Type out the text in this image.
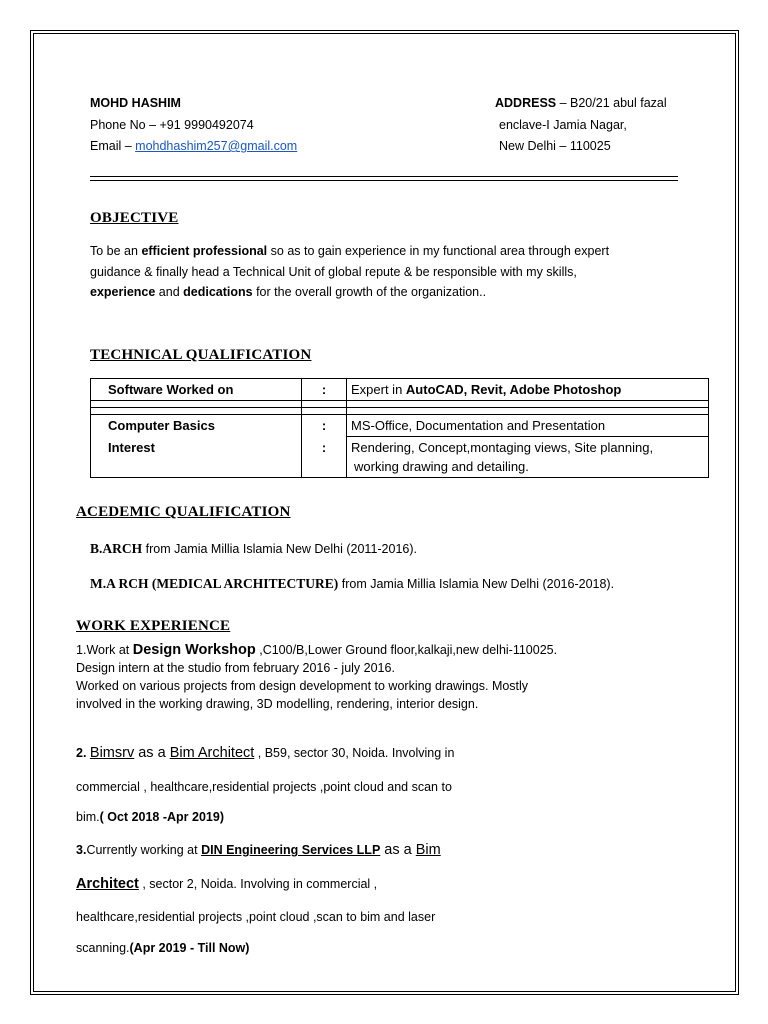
MOHD HASHIM
Phone No – +91 9990492074
Email – mohdhashim257@gmail.com
ADDRESS – B20/21 abul fazal
enclave-I Jamia Nagar,
New Delhi – 110025
OBJECTIVE
To be an efficient professional so as to gain experience in my functional area through expert
guidance & finally head a Technical Unit of global repute & be responsible with my skills,
experience and dedications for the overall growth of the organization..
TECHNICAL QUALIFICATION
Software Worked on	:	Expert in AutoCAD, Revit, Adobe Photoshop

Computer Basics	:	MS-Office, Documentation and Presentation
Interest	:	Rendering, Concept,montaging views, Site planning,
working drawing and detailing.
ACEDEMIC QUALIFICATION
B.ARCH from Jamia Millia Islamia New Delhi (2011-2016).
M.A RCH (MEDICAL ARCHITECTURE) from Jamia Millia Islamia New Delhi (2016-2018).
WORK EXPERIENCE
1.Work at Design Workshop ,C100/B,Lower Ground floor,kalkaji,new delhi-110025.
Design intern at the studio from february 2016 - july 2016.
Worked on various projects from design development to working drawings. Mostly
involved in the working drawing, 3D modelling, rendering, interior design.
2. Bimsrv as a Bim Architect , B59, sector 30, Noida. Involving in
commercial , healthcare,residential projects ,point cloud and scan to
bim.( Oct 2018 -Apr 2019)
3.Currently working at DIN Engineering Services LLP as a Bim
Architect , sector 2, Noida. Involving in commercial ,
healthcare,residential projects ,point cloud ,scan to bim and laser
scanning.(Apr 2019 - Till Now)
